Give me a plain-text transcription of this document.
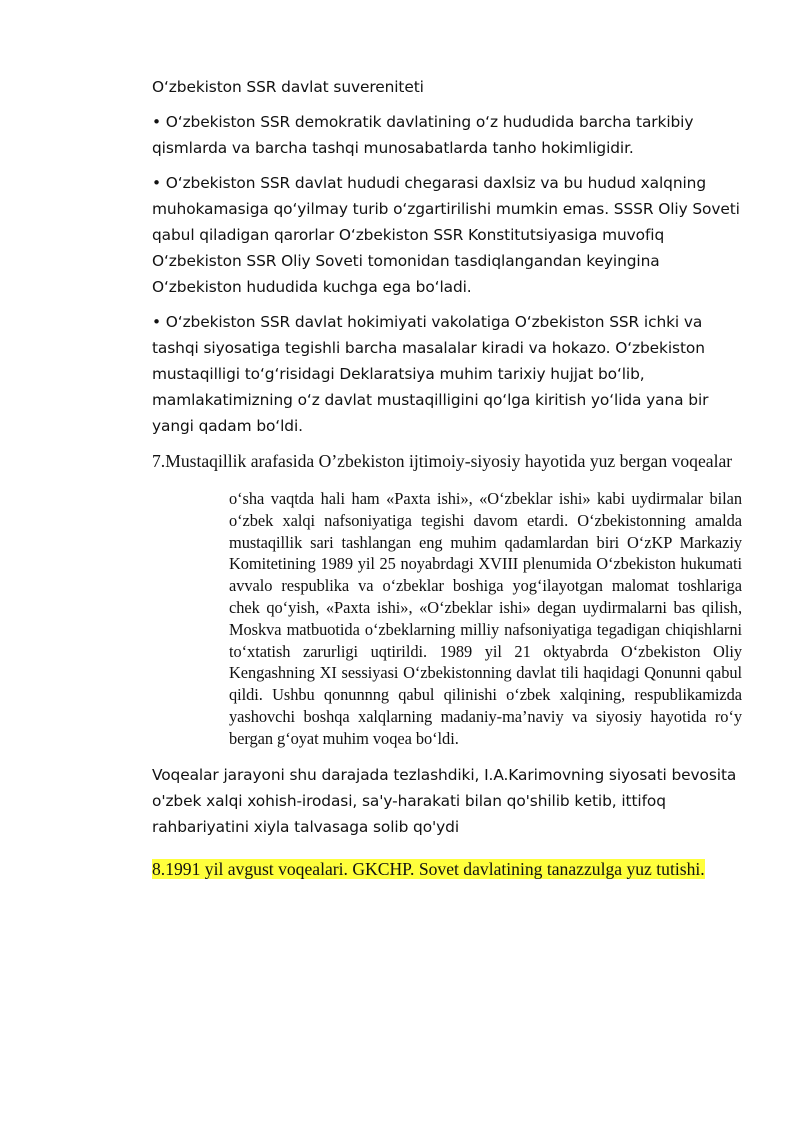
O‘zbekiston SSR davlat suvereniteti

• O‘zbekiston SSR demokratik davlatining o‘z hududida barcha tarkibiy qismlarda va barcha tashqi munosabatlarda tanho hokimligidir.

• O‘zbekiston SSR davlat hududi chegarasi daxlsiz va bu hudud xalqning muhokamasiga qo‘yilmay turib o‘zgartirilishi mumkin emas. SSSR Oliy Soveti qabul qiladigan qarorlar O‘zbekiston SSR Konstitutsiyasiga muvofiq O‘zbekiston SSR Oliy Soveti tomonidan tasdiqlangandan keyingina O‘zbekiston hududida kuchga ega bo‘ladi.

• O‘zbekiston SSR davlat hokimiyati vakolatiga O‘zbekiston SSR ichki va tashqi siyosatiga tegishli barcha masalalar kiradi va hokazo. O‘zbekiston mustaqilligi to‘g‘risidagi Deklaratsiya muhim tarixiy hujjat bo‘lib, mamlakatimizning o‘z davlat mustaqilligini qo‘lga kiritish yo‘lida yana bir yangi qadam bo‘ldi.

7.Mustaqillik arafasida O’zbekiston ijtimoiy-siyosiy hayotida yuz bergan voqealar

o‘sha vaqtda hali ham «Paxta ishi», «O‘zbeklar ishi» kabi uydirmalar bilan o‘zbek xalqi nafsoniyatiga tegishi davom etardi. O‘zbekistonning amalda mustaqillik sari tashlangan eng muhim qadamlardan biri O‘zKP Markaziy Komitetining 1989 yil 25 noyabrdagi XVIII plenumida O‘zbekiston hukumati avvalo respublika va o‘zbeklar boshiga yog‘ilayotgan malomat toshlariga chek qo‘yish, «Paxta ishi», «O‘zbeklar ishi» degan uydirmalarni bas qilish, Moskva matbuotida o‘zbeklarning milliy nafsoniyatiga tegadigan chiqishlarni to‘xtatish zarurligi uqtirildi. 1989 yil 21 oktyabrda O‘zbekiston Oliy Kengashning XI sessiyasi O‘zbekistonning davlat tili haqidagi Qonunni qabul qildi. Ushbu qonunnng qabul qilinishi o‘zbek xalqining, respublikamizda yashovchi boshqa xalqlarning madaniy-ma’naviy va siyosiy hayotida ro‘y bergan g‘oyat muhim voqea bo‘ldi.

Voqealar jarayoni shu darajada tezlashdiki, I.A.Karimovning siyosati bevosita o'zbek xalqi xohish-irodasi, sa'y-harakati bilan qo'shilib ketib, ittifoq rahbariyatini xiyla talvasaga solib qo'ydi

8.1991 yil avgust voqealari. GKCHP. Sovet davlatining tanazzulga yuz tutishi.
